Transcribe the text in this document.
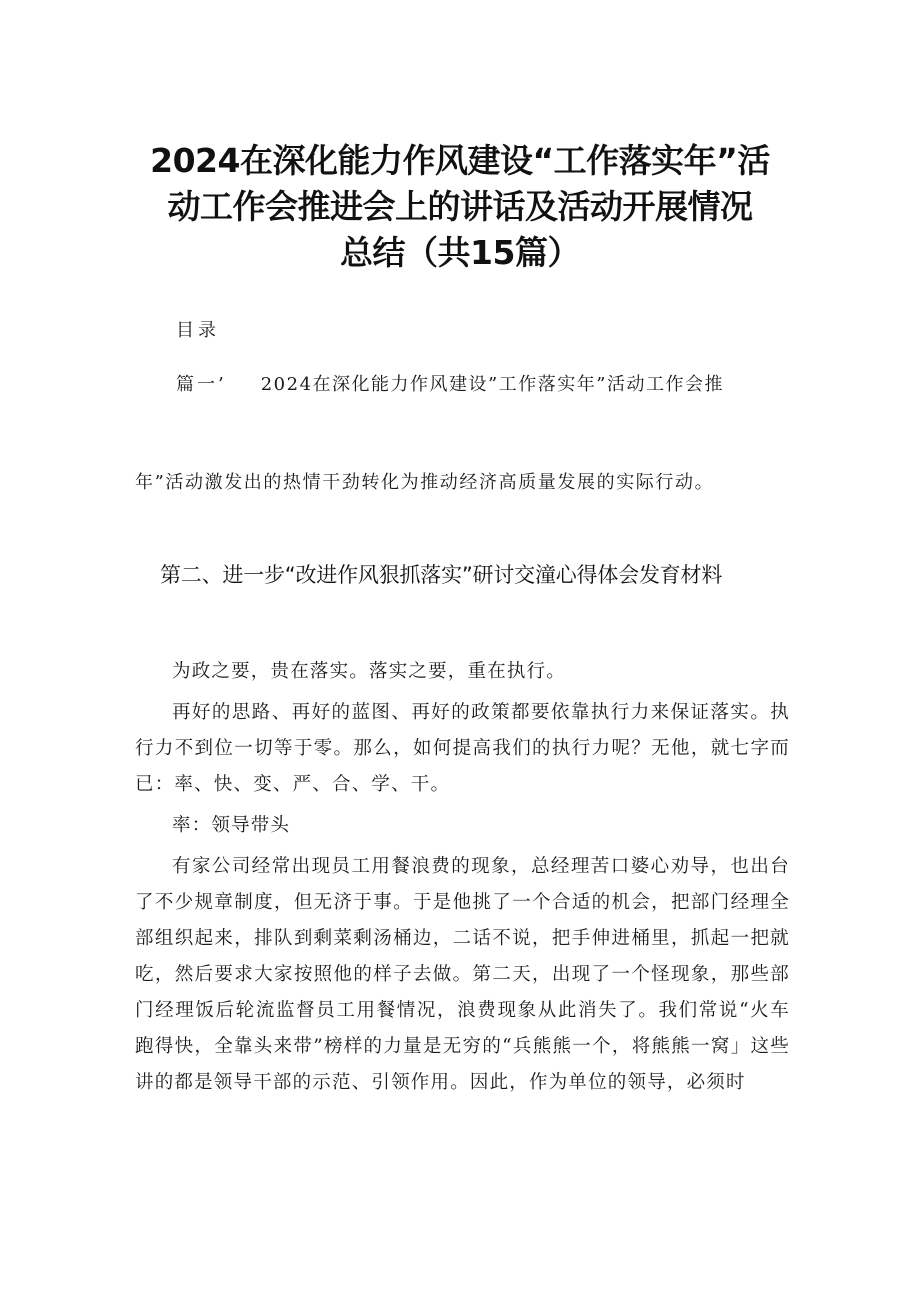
2024在深化能力作风建设“工作落实年”活
动工作会推进会上的讲话及活动开展情况
总结（共15篇）
目录
篇一’ 2024在深化能力作风建设”工作落实年”活动工作会推
年”活动激发出的热情干劲转化为推动经济高质量发展的实际行动。
第二、进一步“改进作风狠抓落实”研讨交潼心得体会发育材料

为政之要，贵在落实。落实之要，重在执行。

再好的思路、再好的蓝图、再好的政策都要依靠执行力来保证落实。执行力不到位一切等于零。那么，如何提高我们的执行力呢？无他，就七字而已：率、快、变、严、合、学、干。

率：领导带头

有家公司经常出现员工用餐浪费的现象，总经理苦口婆心劝导，也出台了不少规章制度，但无济于事。于是他挑了一个合适的机会，把部门经理全部组织起来，排队到剩菜剩汤桶边，二话不说，把手伸进桶里，抓起一把就吃，然后要求大家按照他的样子去做。第二天，出现了一个怪现象，那些部门经理饭后轮流监督员工用餐情况，浪费现象从此消失了。我们常说“火车跑得快，全靠头来带”榜样的力量是无穷的“兵熊熊一个，将熊熊一窝」这些讲的都是领导干部的示范、引领作用。因此，作为单位的领导，必须时
